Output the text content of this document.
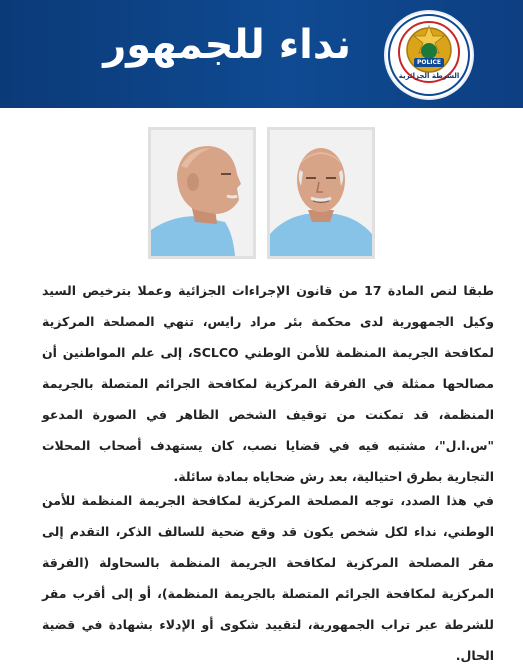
نداء للجمهور
الشرطة الجزائرية
POLICE
طبقا لنص المادة 17 من قانون الإجراءات الجزائية وعملا بترخيص السيد وكيل الجمهورية لدى محكمة بئر مراد رايس، تنهي المصلحة المركزية لمكافحة الجريمة المنظمة للأمن الوطني SCLCO، إلى علم المواطنين أن مصالحها ممثلة في الفرقة المركزية لمكافحة الجرائم المتصلة بالجريمة المنظمة، قد تمكنت من توقيف الشخص الظاهر في الصورة المدعو "س.ا.ل"، مشتبه فيه في قضايا نصب، كان يستهدف أصحاب المحلات التجارية بطرق احتيالية، بعد رش ضحاياه بمادة سائلة.
في هذا الصدد، توجه المصلحة المركزية لمكافحة الجريمة المنظمة للأمن الوطني، نداء لكل شخص يكون قد وقع ضحية للسالف الذكر، التقدم إلى مقر المصلحة المركزية لمكافحة الجريمة المنظمة بالسحاولة (الفرقة المركزية لمكافحة الجرائم المتصلة بالجريمة المنظمة)، أو إلى أقرب مقر للشرطة عبر تراب الجمهورية، لتقييد شكوى أو الإدلاء بشهادة في قضية الحال.
